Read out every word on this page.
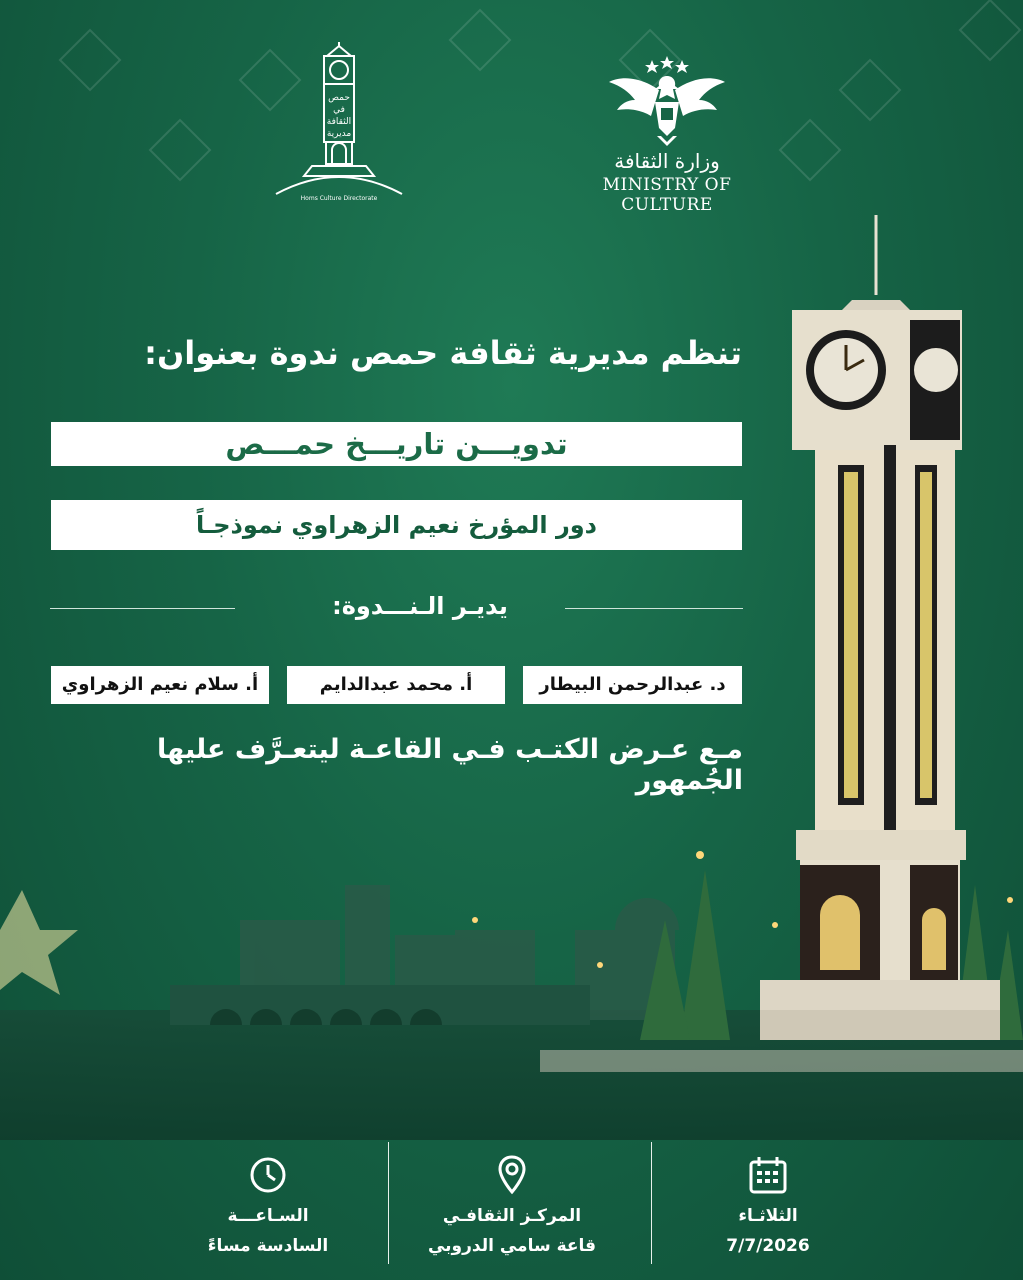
حمص
في
الثقافة
مديرية
Homs Culture Directorate
وزارة الثقافة
MINISTRY OF CULTURE
تنظم مديرية ثقافة حمص ندوة بعنوان:
تدويـــن تاريـــخ حمـــص
دور المؤرخ نعيم الزهراوي نموذجـاً
يديـر الـنـــدوة:
د. عبدالرحمن البيطار
أ. محمد عبدالدايم
أ. سلام نعيم الزهراوي
مـع عـرض الكتـب فـي القاعـة ليتعـرَّف عليها الجُمهور
الثلاثـاء
7/7/2026
المركـز الثقافـي
قاعة سامي الدروبي
السـاعـــة
السادسة مساءً
